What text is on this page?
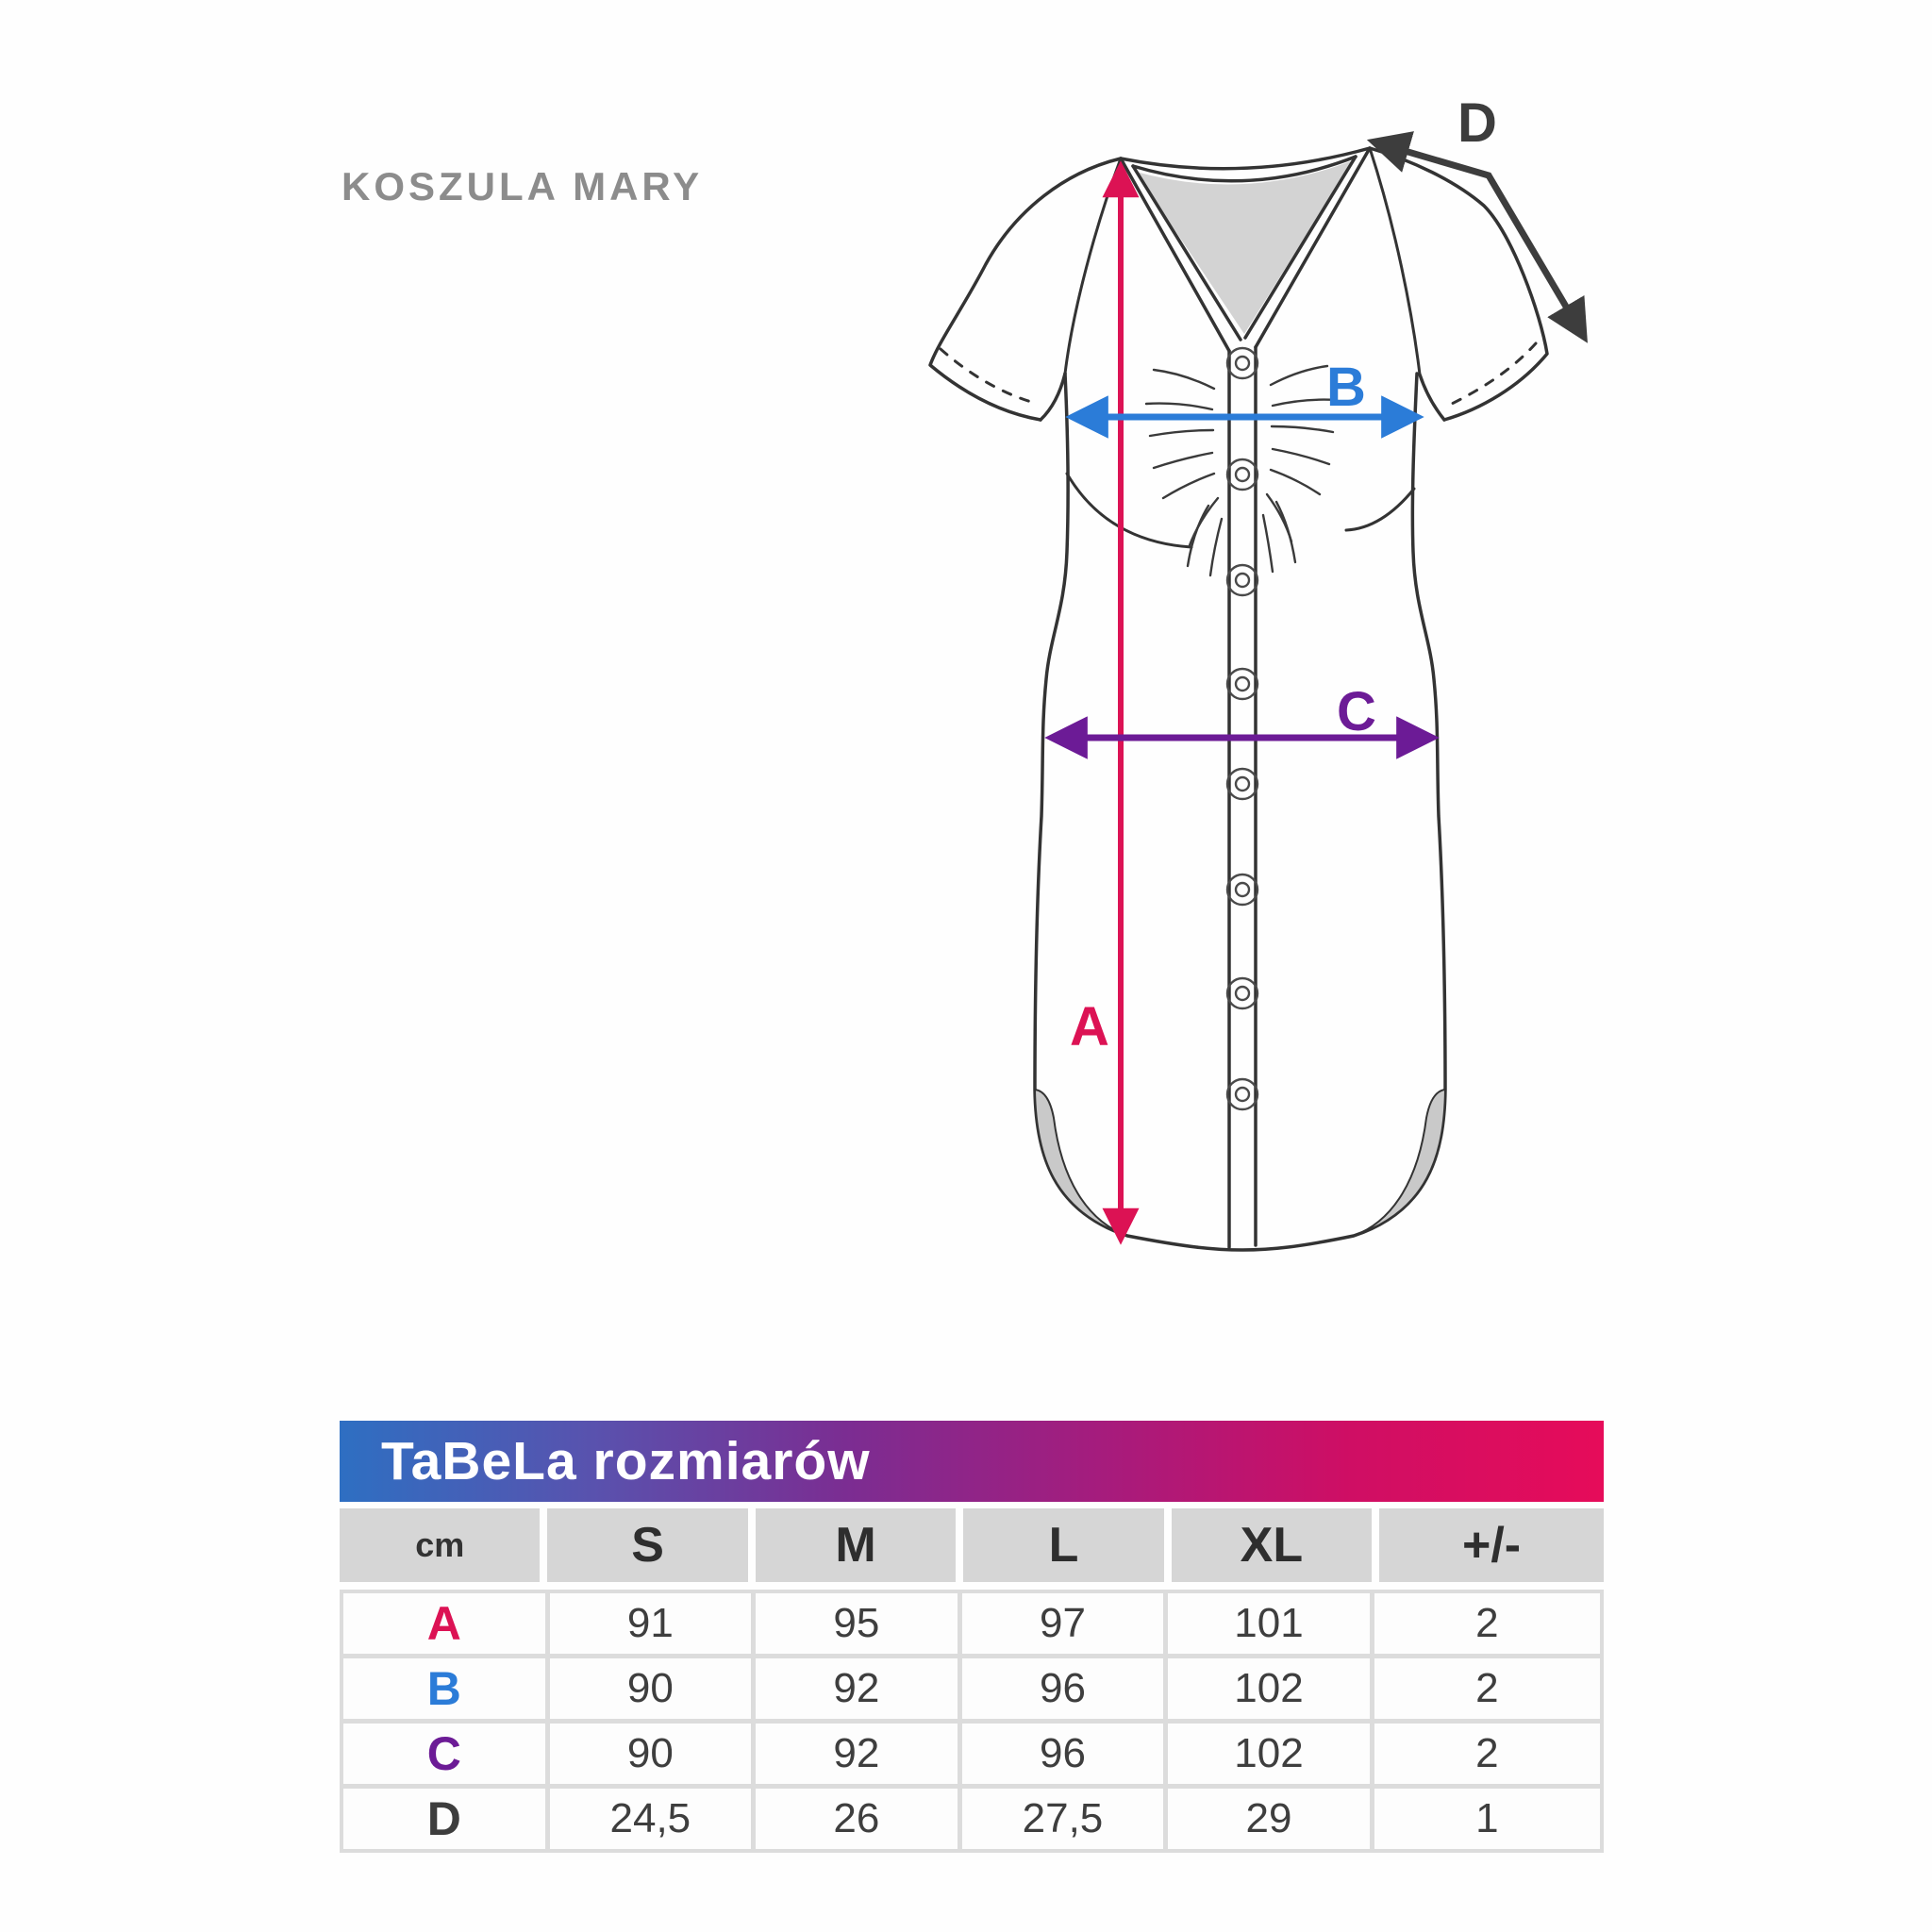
KOSZULA MARY
A
B
C
D
TaBeLa rozmiarów
cm	S	M	L	XL	+/-
A	91	95	97	101	2
B	90	92	96	102	2
C	90	92	96	102	2
D	24,5	26	27,5	29	1
